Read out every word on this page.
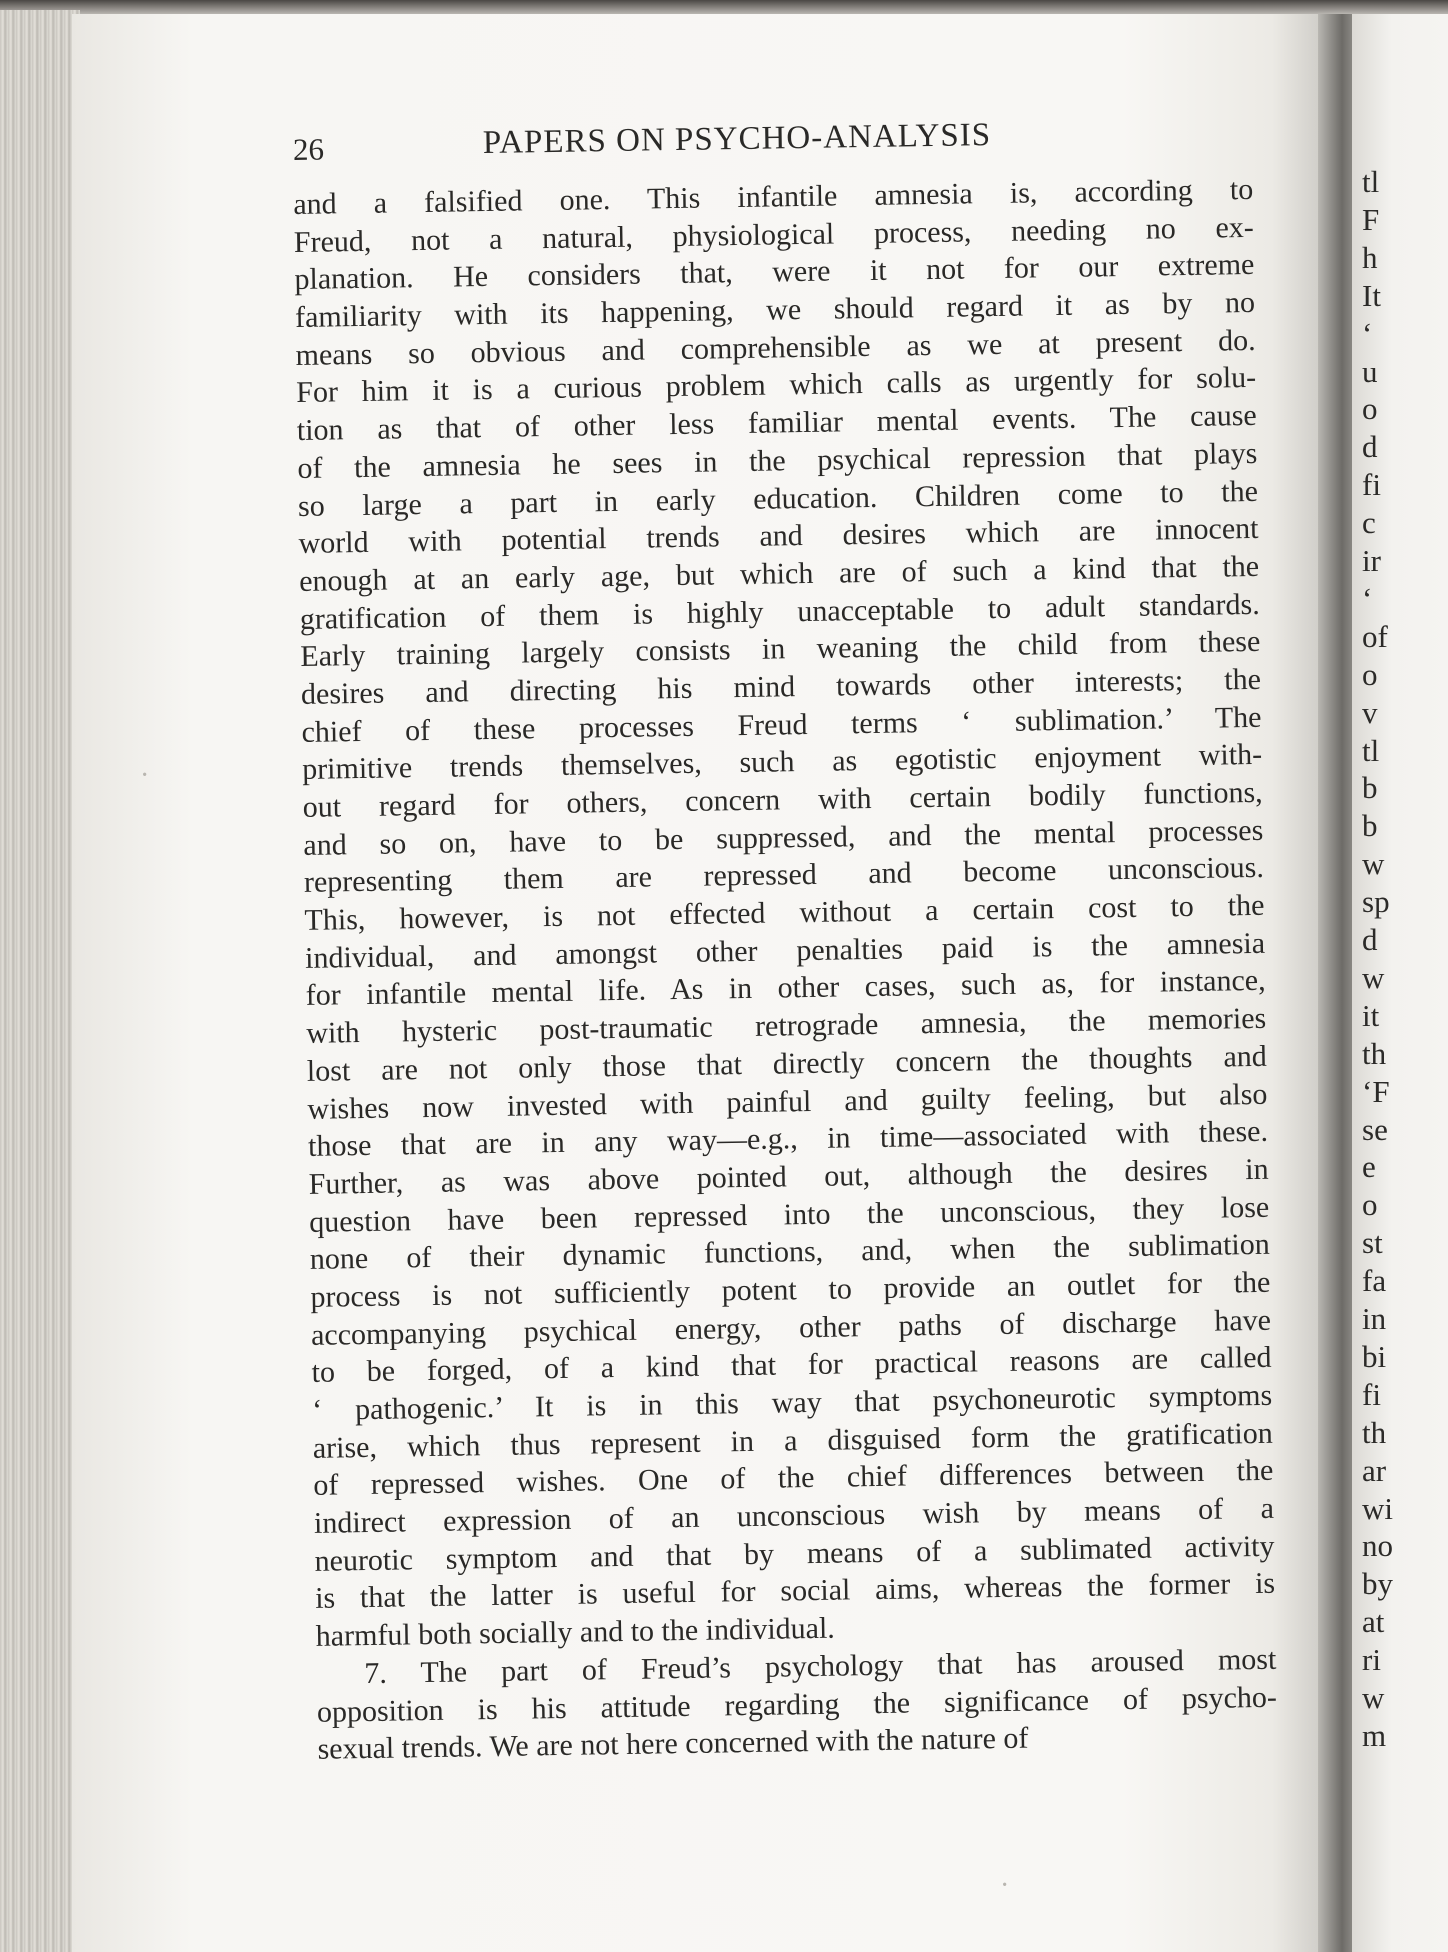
tl
F
h
It
‘
u
o
d
fi
c
ir
‘
of
o
v
tl
b
b
w
sp
d
w
it
th
‘F
se
e
o
st
fa
in
bi
fi
th
ar
wi
no
by
at
ri
w
m
26	PAPERS ON PSYCHO-ANALYSIS
and a falsified one. This infantile amnesia is, according to
Freud, not a natural, physiological process, needing no ex-
planation. He considers that, were it not for our extreme
familiarity with its happening, we should regard it as by no
means so obvious and comprehensible as we at present do.
For him it is a curious problem which calls as urgently for solu-
tion as that of other less familiar mental events. The cause
of the amnesia he sees in the psychical repression that plays
so large a part in early education. Children come to the
world with potential trends and desires which are innocent
enough at an early age, but which are of such a kind that the
gratification of them is highly unacceptable to adult standards.
Early training largely consists in weaning the child from these
desires and directing his mind towards other interests; the
chief of these processes Freud terms ‘ sublimation.’ The
primitive trends themselves, such as egotistic enjoyment with-
out regard for others, concern with certain bodily functions,
and so on, have to be suppressed, and the mental processes
representing them are repressed and become unconscious.
This, however, is not effected without a certain cost to the
individual, and amongst other penalties paid is the amnesia
for infantile mental life. As in other cases, such as, for instance,
with hysteric post-traumatic retrograde amnesia, the memories
lost are not only those that directly concern the thoughts and
wishes now invested with painful and guilty feeling, but also
those that are in any way—e.g., in time—associated with these.
Further, as was above pointed out, although the desires in
question have been repressed into the unconscious, they lose
none of their dynamic functions, and, when the sublimation
process is not sufficiently potent to provide an outlet for the
accompanying psychical energy, other paths of discharge have
to be forged, of a kind that for practical reasons are called
‘ pathogenic.’ It is in this way that psychoneurotic symptoms
arise, which thus represent in a disguised form the gratification
of repressed wishes. One of the chief differences between the
indirect expression of an unconscious wish by means of a
neurotic symptom and that by means of a sublimated activity
is that the latter is useful for social aims, whereas the former is
harmful both socially and to the individual.
7. The part of Freud’s psychology that has aroused most
opposition is his attitude regarding the significance of psycho-
sexual trends. We are not here concerned with the nature of
·
·
